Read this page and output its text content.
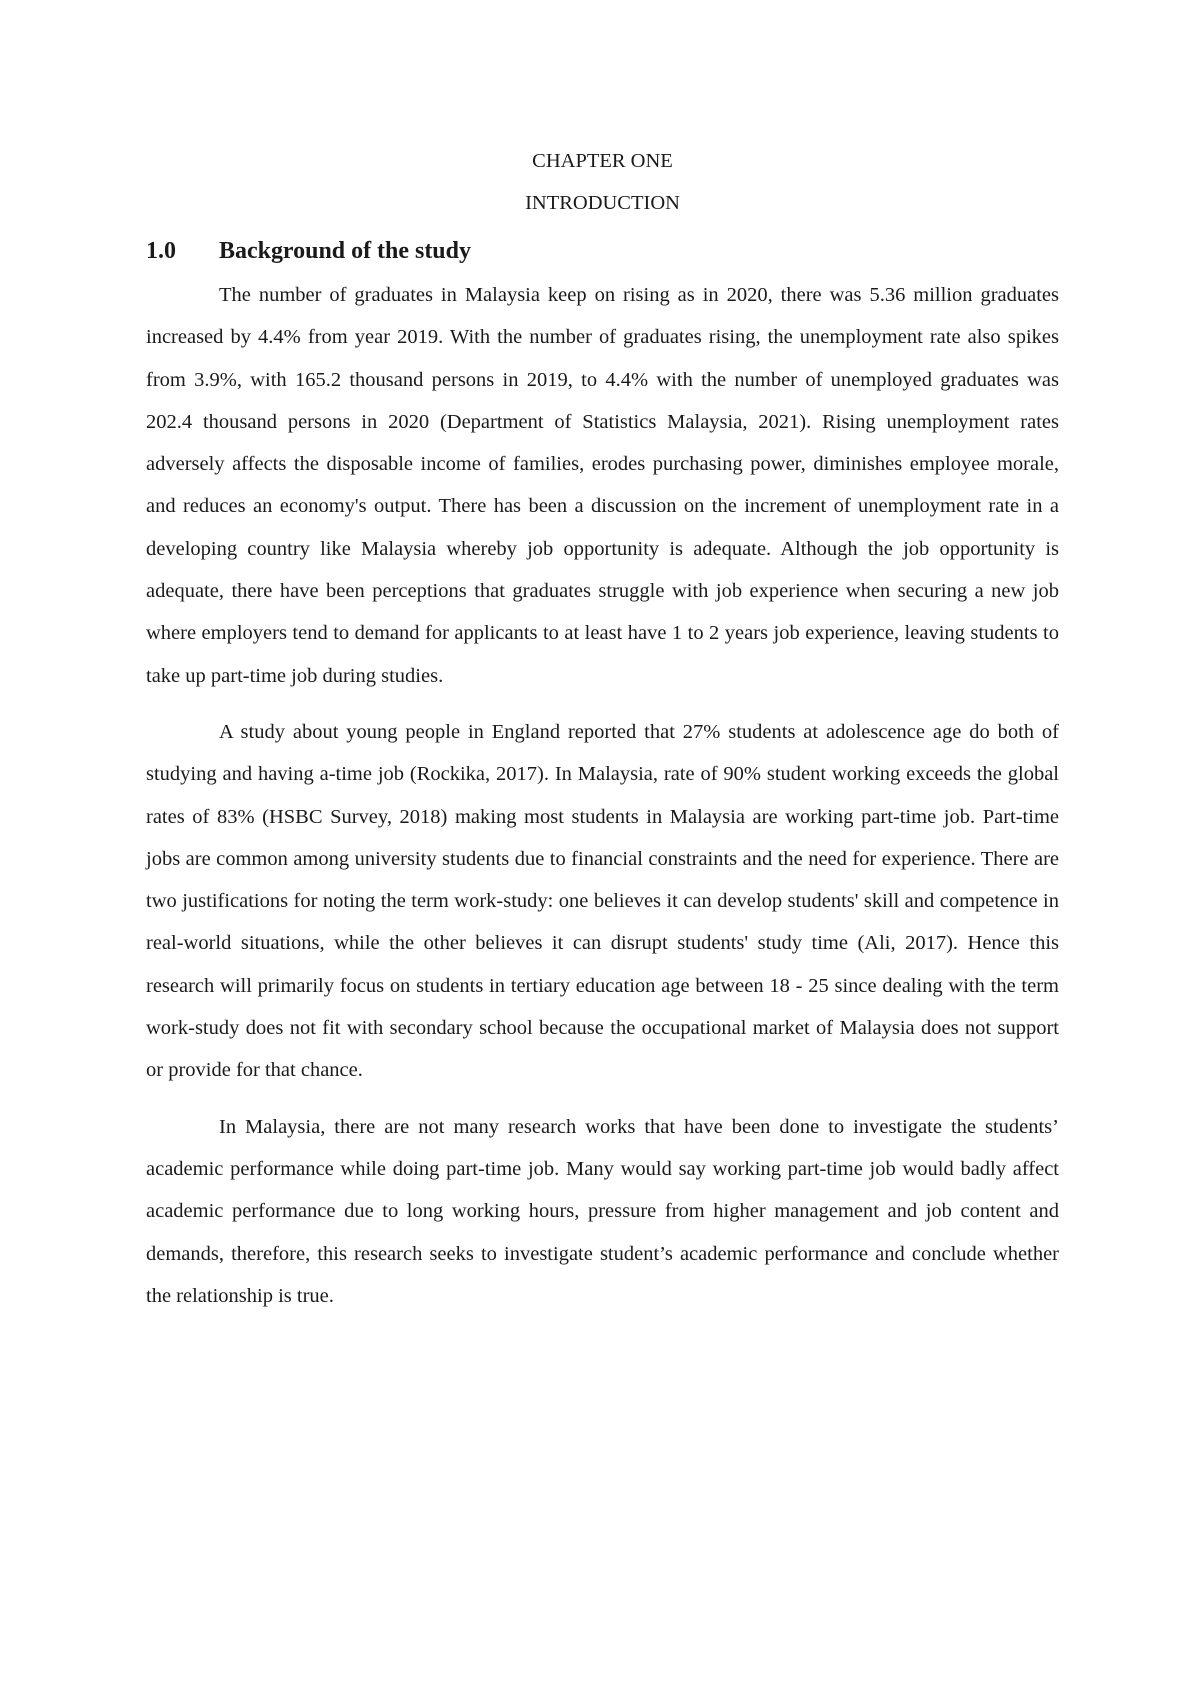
CHAPTER ONE
INTRODUCTION
1.0 Background of the study

The number of graduates in Malaysia keep on rising as in 2020, there was 5.36 million graduates increased by 4.4% from year 2019. With the number of graduates rising, the unemployment rate also spikes from 3.9%, with 165.2 thousand persons in 2019, to 4.4% with the number of unemployed graduates was 202.4 thousand persons in 2020 (Department of Statistics Malaysia, 2021). Rising unemployment rates adversely affects the disposable income of families, erodes purchasing power, diminishes employee morale, and reduces an economy's output. There has been a discussion on the increment of unemployment rate in a developing country like Malaysia whereby job opportunity is adequate. Although the job opportunity is adequate, there have been perceptions that graduates struggle with job experience when securing a new job where employers tend to demand for applicants to at least have 1 to 2 years job experience, leaving students to take up part-time job during studies.

A study about young people in England reported that 27% students at adolescence age do both of studying and having a-time job (Rockika, 2017). In Malaysia, rate of 90% student working exceeds the global rates of 83% (HSBC Survey, 2018) making most students in Malaysia are working part-time job. Part-time jobs are common among university students due to financial constraints and the need for experience. There are two justifications for noting the term work-study: one believes it can develop students' skill and competence in real-world situations, while the other believes it can disrupt students' study time (Ali, 2017). Hence this research will primarily focus on students in tertiary education age between 18 - 25 since dealing with the term work-study does not fit with secondary school because the occupational market of Malaysia does not support or provide for that chance.

In Malaysia, there are not many research works that have been done to investigate the students’ academic performance while doing part-time job. Many would say working part-time job would badly affect academic performance due to long working hours, pressure from higher management and job content and demands, therefore, this research seeks to investigate student’s academic performance and conclude whether the relationship is true.
